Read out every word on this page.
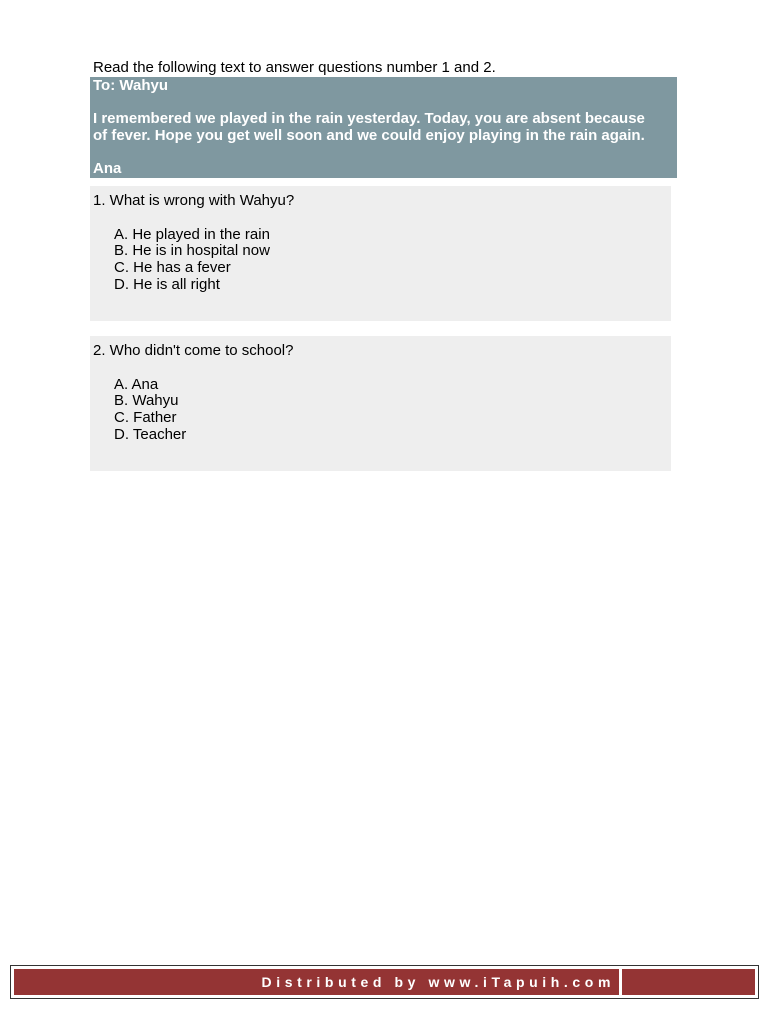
Read the following text to answer questions number 1 and 2.

To: Wahyu

I remembered we played in the rain yesterday. Today, you are absent because

of fever. Hope you get well soon and we could enjoy playing in the rain again.

Ana

1. What is wrong with Wahyu?

A. He played in the rain
B. He is in hospital now
C. He has a fever
D. He is all right

2. Who didn't come to school?

A. Ana
B. Wahyu
C. Father
D. Teacher
Distributed by www.iTapuih.com
